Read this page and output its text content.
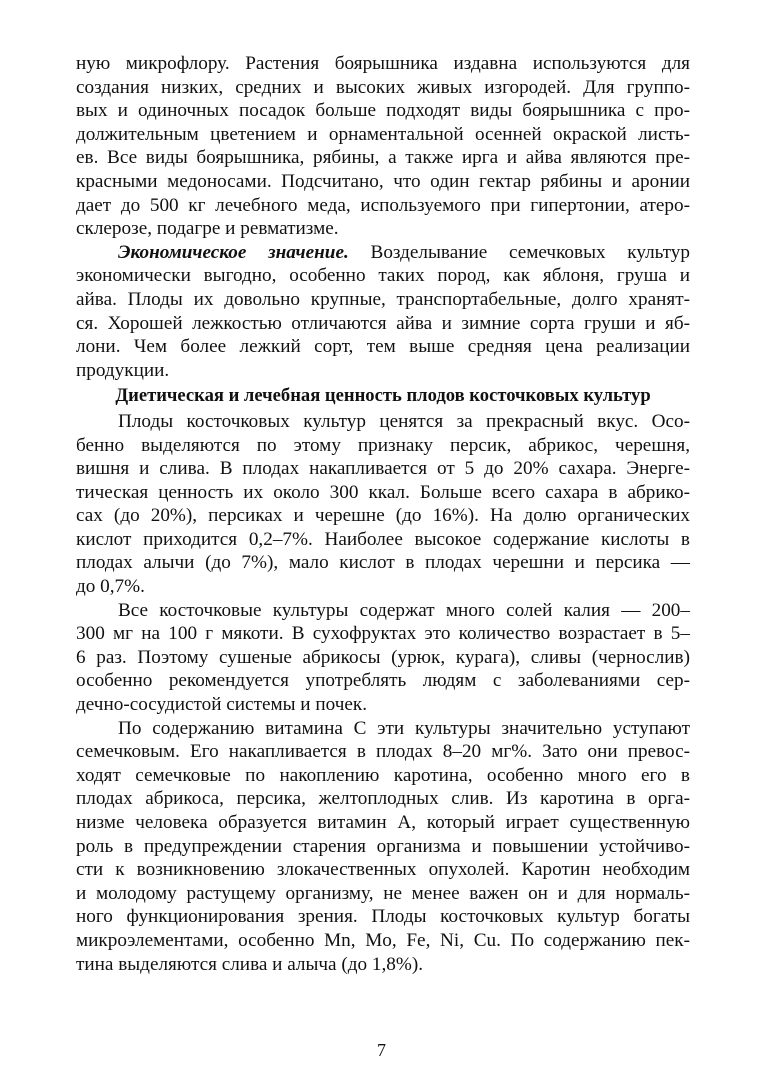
ную микрофлору. Растения боярышника издавна используются для
создания низких, средних и высоких живых изгородей. Для группо-
вых и одиночных посадок больше подходят виды боярышника с про-
должительным цветением и орнаментальной осенней окраской листь-
ев. Все виды боярышника, рябины, а также ирга и айва являются пре-
красными медоносами. Подсчитано, что один гектар рябины и аронии
дает до 500 кг лечебного меда, используемого при гипертонии, атеро-
склерозе, подагре и ревматизме.
Экономическое значение. Возделывание семечковых культур
экономически выгодно, особенно таких пород, как яблоня, груша и
айва. Плоды их довольно крупные, транспортабельные, долго хранят-
ся. Хорошей лежкостью отличаются айва и зимние сорта груши и яб-
лони. Чем более лежкий сорт, тем выше средняя цена реализации
продукции.
Диетическая и лечебная ценность плодов косточковых культур
Плоды косточковых культур ценятся за прекрасный вкус. Осо-
бенно выделяются по этому признаку персик, абрикос, черешня,
вишня и слива. В плодах накапливается от 5 до 20% сахара. Энерге-
тическая ценность их около 300 ккал. Больше всего сахара в абрико-
сах (до 20%), персиках и черешне (до 16%). На долю органических
кислот приходится 0,2–7%. Наиболее высокое содержание кислоты в
плодах алычи (до 7%), мало кислот в плодах черешни и персика —
до 0,7%.
Все косточковые культуры содержат много солей калия — 200–
300 мг на 100 г мякоти. В сухофруктах это количество возрастает в 5–
6 раз. Поэтому сушеные абрикосы (урюк, курага), сливы (чернослив)
особенно рекомендуется употреблять людям с заболеваниями сер-
дечно-сосудистой системы и почек.
По содержанию витамина С эти культуры значительно уступают
семечковым. Его накапливается в плодах 8–20 мг%. Зато они превос-
ходят семечковые по накоплению каротина, особенно много его в
плодах абрикоса, персика, желтоплодных слив. Из каротина в орга-
низме человека образуется витамин А, который играет существенную
роль в предупреждении старения организма и повышении устойчиво-
сти к возникновению злокачественных опухолей. Каротин необходим
и молодому растущему организму, не менее важен он и для нормаль-
ного функционирования зрения. Плоды косточковых культур богаты
микроэлементами, особенно Mn, Mo, Fe, Ni, Cu. По содержанию пек-
тина выделяются слива и алыча (до 1,8%).
7
